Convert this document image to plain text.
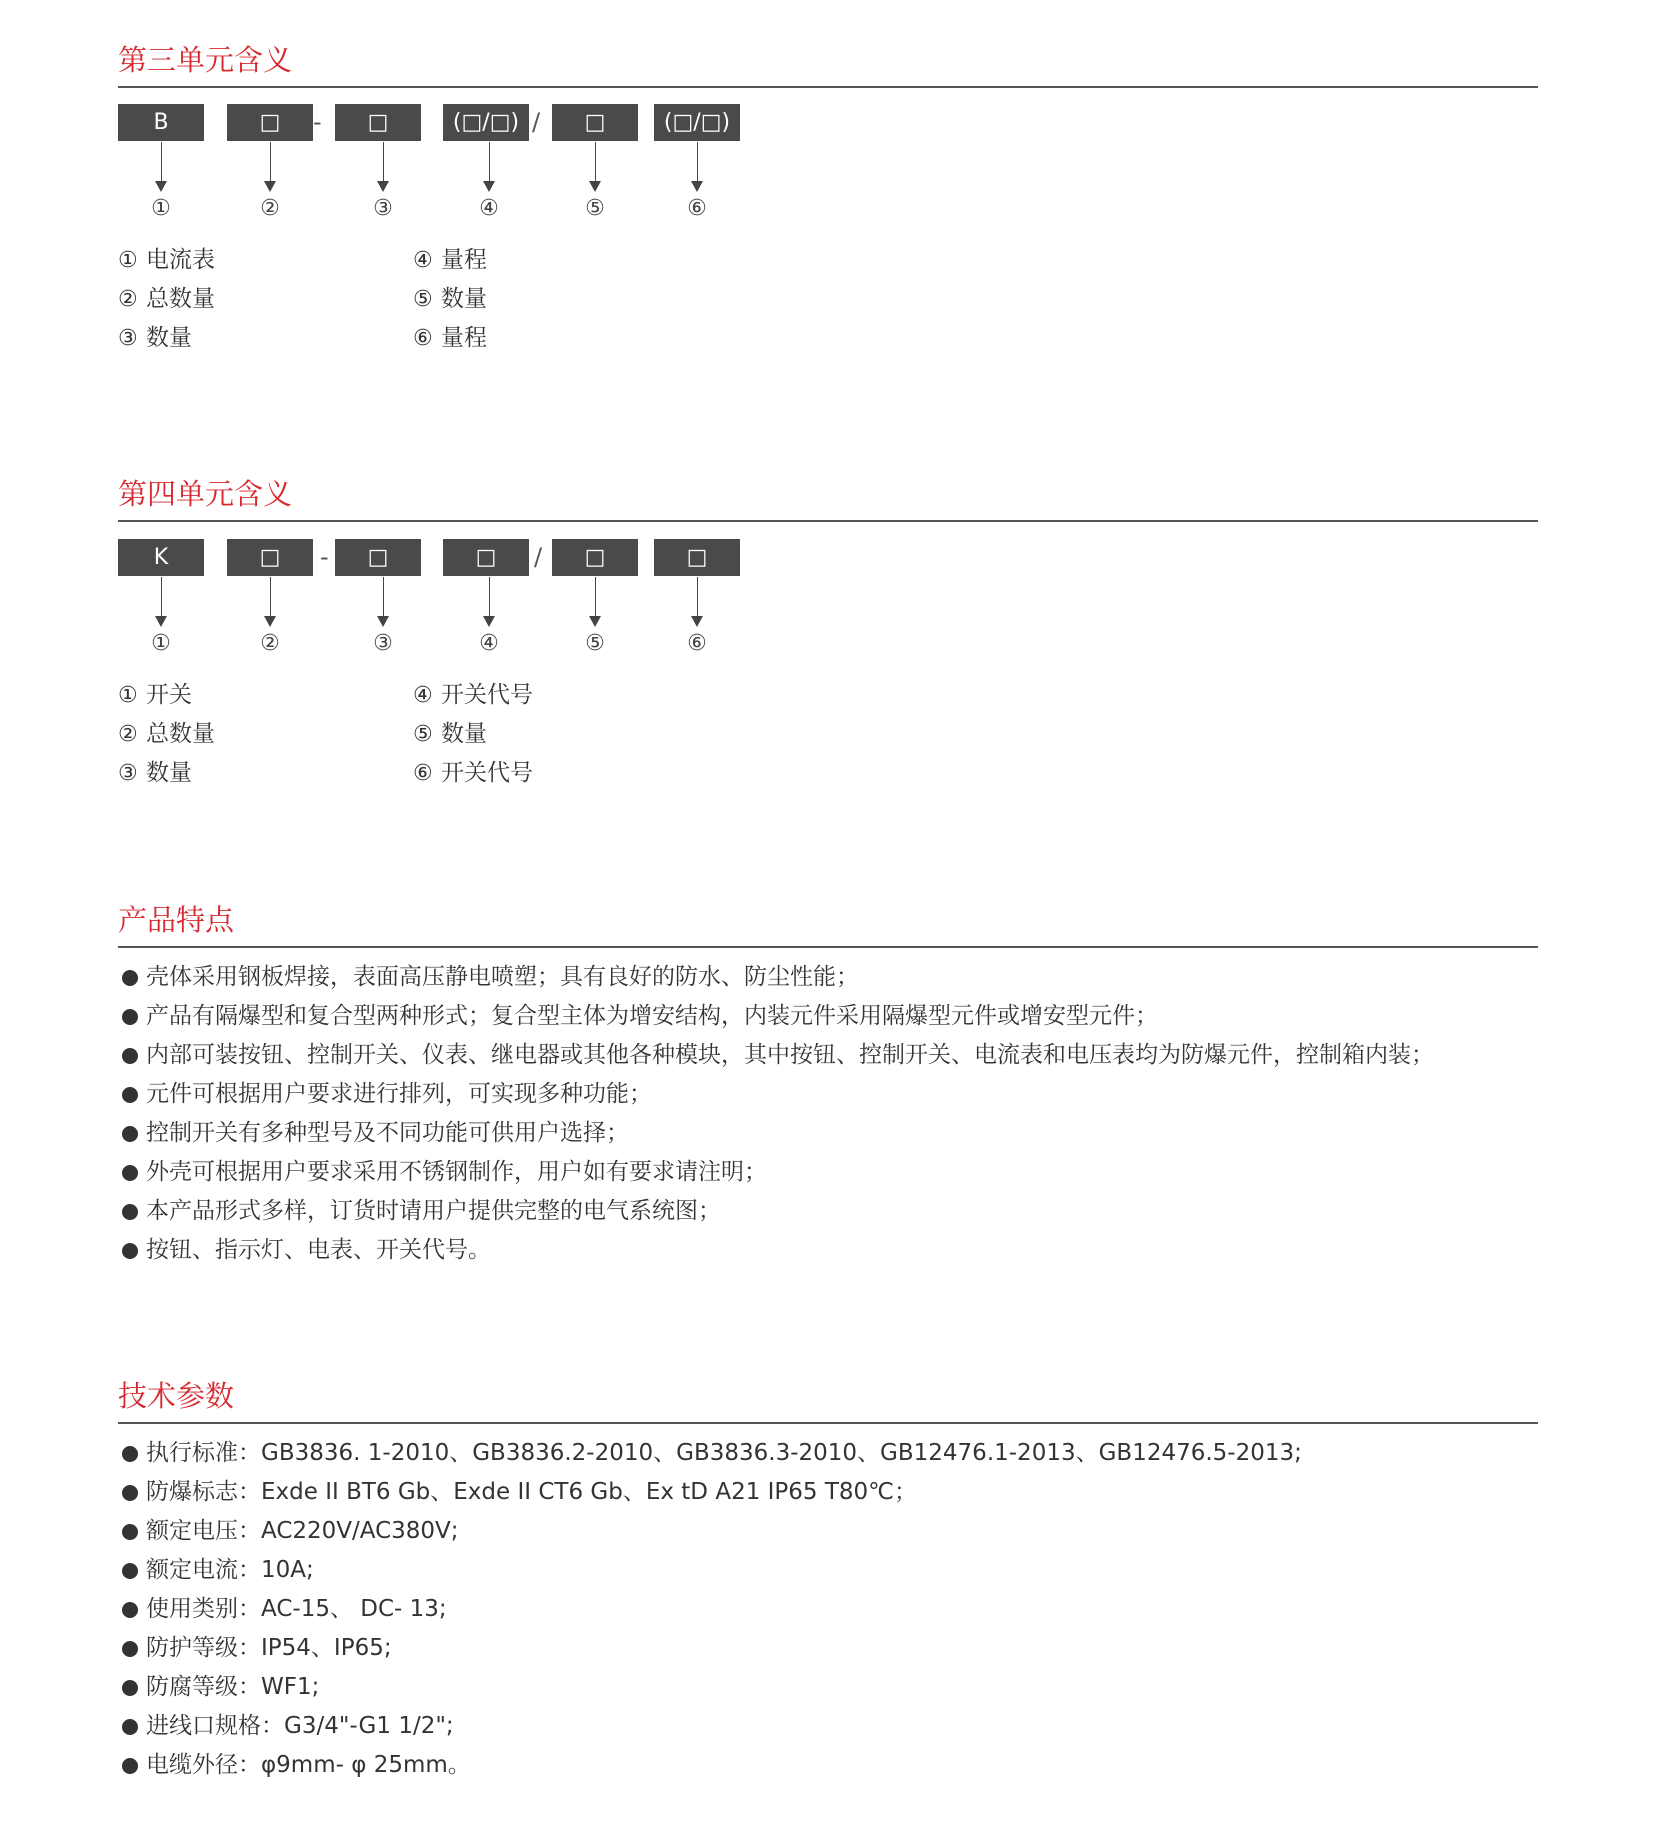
第三单元含义
B	□	-	□	(□/□) /	□	(□/□)
①	②	③	④	⑤	⑥
① 电流表
② 总数量
③ 数量
④ 量程
⑤ 数量
⑥ 量程
第四单元含义
K	□	-	□	□	/	□	□
①	②	③	④	⑤	⑥
① 开关
② 总数量
③ 数量
④ 开关代号
⑤ 数量
⑥ 开关代号
产品特点
壳体采用钢板焊接，表面高压静电喷塑；具有良好的防水、防尘性能；
产品有隔爆型和复合型两种形式；复合型主体为增安结构，内装元件采用隔爆型元件或增安型元件；
内部可装按钮、控制开关、仪表、继电器或其他各种模块，其中按钮、控制开关、电流表和电压表均为防爆元件，控制箱内装；
元件可根据用户要求进行排列，可实现多种功能；
控制开关有多种型号及不同功能可供用户选择；
外壳可根据用户要求采用不锈钢制作，用户如有要求请注明；
本产品形式多样，订货时请用户提供完整的电气系统图；
按钮、指示灯、电表、开关代号。
技术参数
执行标准：GB3836. 1-2010、GB3836.2-2010、GB3836.3-2010、GB12476.1-2013、GB12476.5-2013;
防爆标志：Exde II BT6 Gb、Exde II CT6 Gb、Ex tD A21 IP65 T80℃；
额定电压：AC220V/AC380V;
额定电流：10A;
使用类别：AC-15、 DC- 13;
防护等级：IP54、IP65;
防腐等级：WF1;
进线口规格：G3/4"-G1 1/2";
电缆外径：φ9mm- φ 25mm。
